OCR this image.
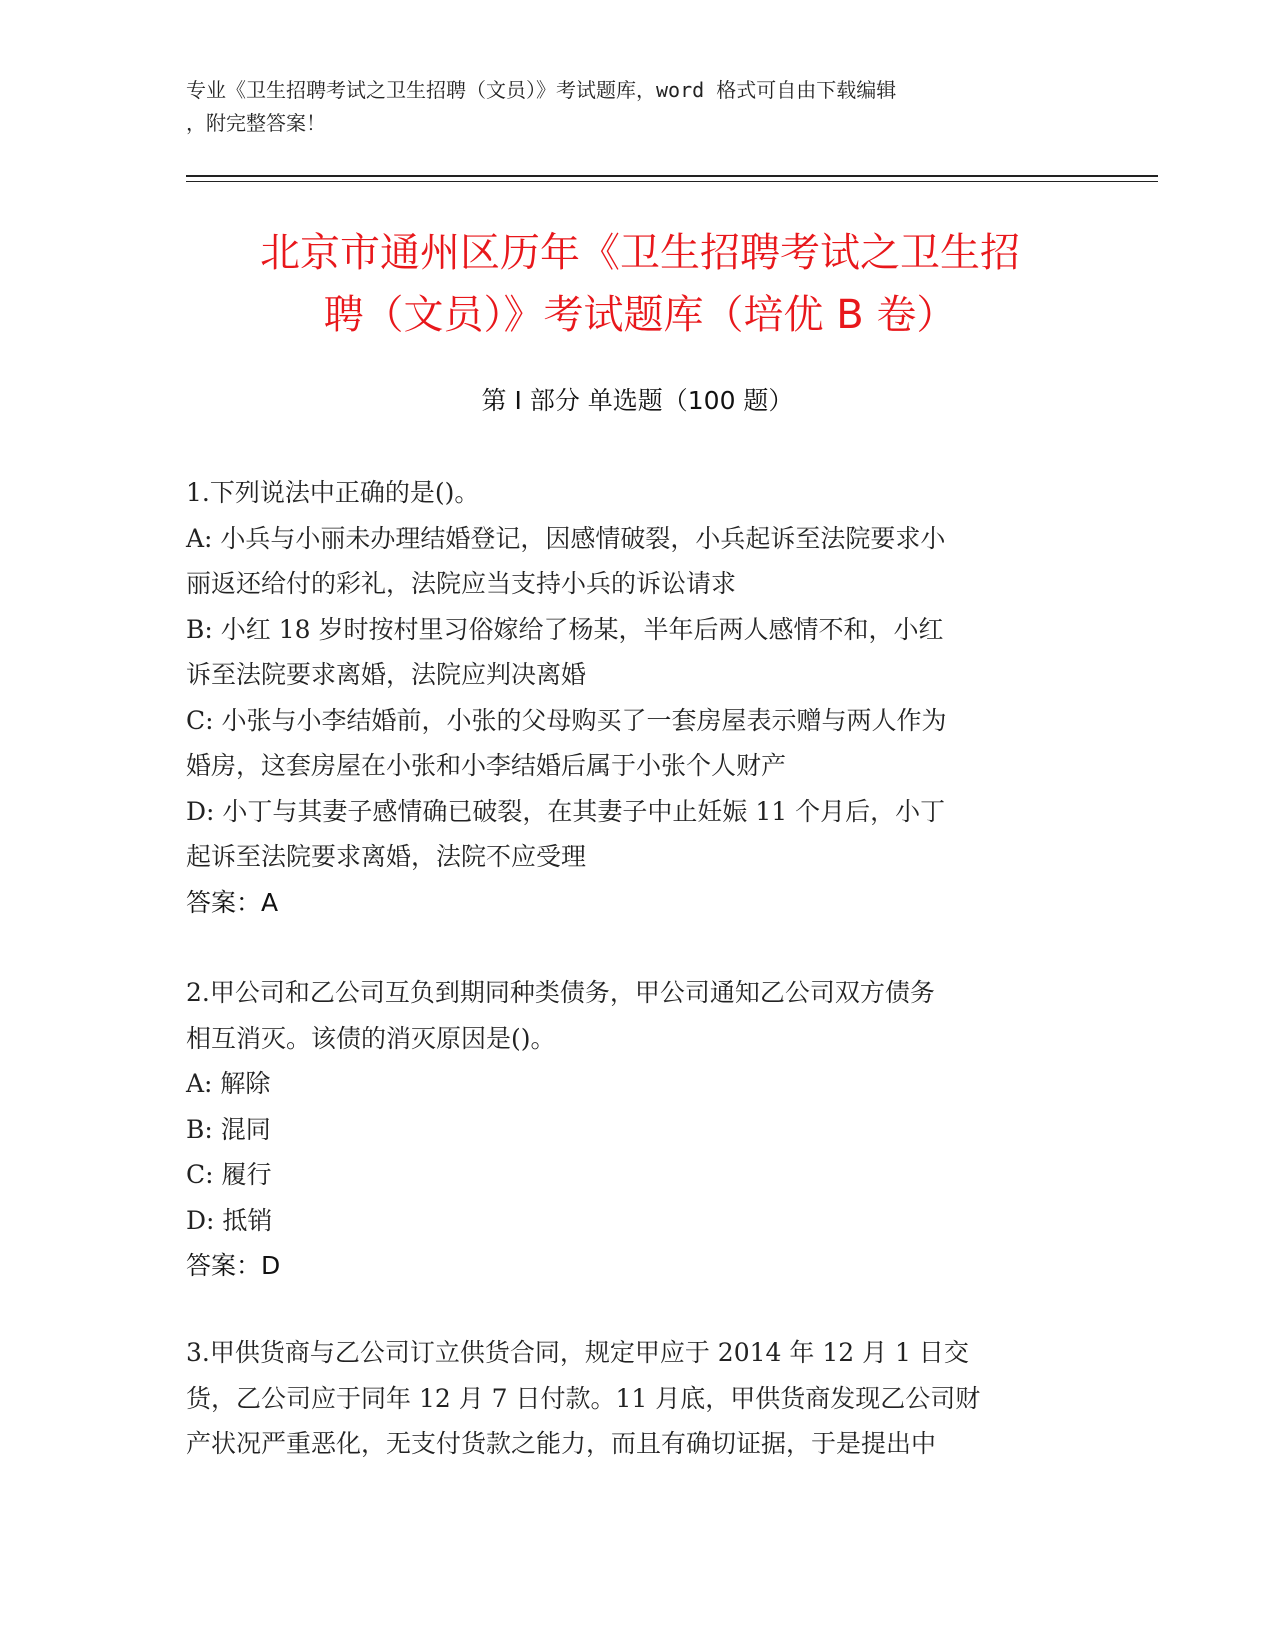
专业《卫生招聘考试之卫生招聘（文员）》考试题库，word 格式可自由下载编辑
，附完整答案！
北京市通州区历年《卫生招聘考试之卫生招
聘（文员）》考试题库（培优 B 卷）
第 I 部分 单选题（100 题）
1.下列说法中正确的是()。
A: 小兵与小丽未办理结婚登记，因感情破裂，小兵起诉至法院要求小
丽返还给付的彩礼，法院应当支持小兵的诉讼请求
B: 小红 18 岁时按村里习俗嫁给了杨某，半年后两人感情不和，小红
诉至法院要求离婚，法院应判决离婚
C: 小张与小李结婚前，小张的父母购买了一套房屋表示赠与两人作为
婚房，这套房屋在小张和小李结婚后属于小张个人财产
D: 小丁与其妻子感情确已破裂，在其妻子中止妊娠 11 个月后，小丁
起诉至法院要求离婚，法院不应受理
答案：A
2.甲公司和乙公司互负到期同种类债务，甲公司通知乙公司双方债务
相互消灭。该债的消灭原因是()。
A: 解除
B: 混同
C: 履行
D: 抵销
答案：D
3.甲供货商与乙公司订立供货合同，规定甲应于 2014 年 12 月 1 日交
货，乙公司应于同年 12 月 7 日付款。11 月底，甲供货商发现乙公司财
产状况严重恶化，无支付货款之能力，而且有确切证据，于是提出中
